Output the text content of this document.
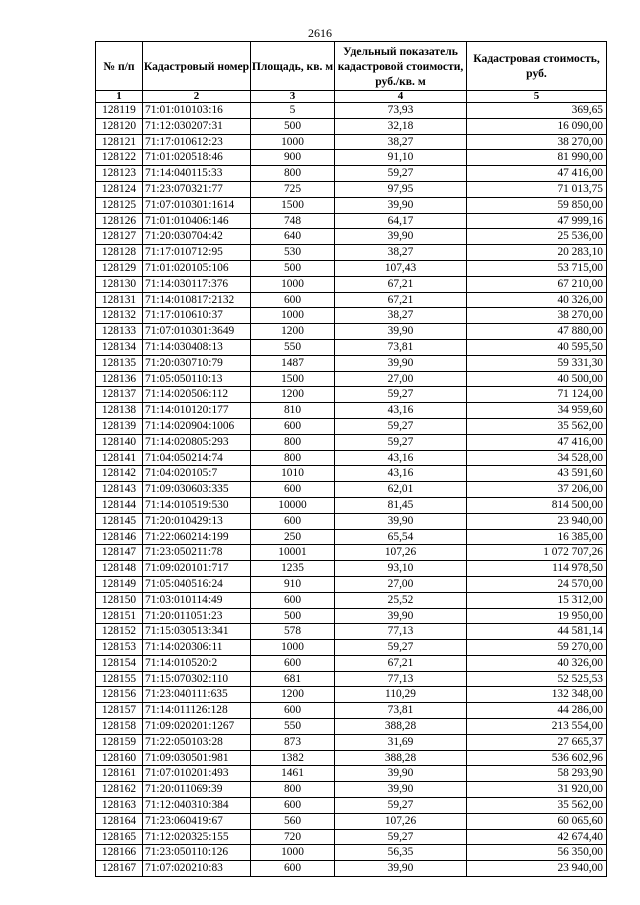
2616
№ п/п	Кадастровый номер	Площадь, кв. м	Удельный показатель кадастровой стоимости, руб./кв. м	Кадастровая стоимость, руб.
1	2	3	4	5
128119	71:01:010103:16	5	73,93	369,65
128120	71:12:030207:31	500	32,18	16 090,00
128121	71:17:010612:23	1000	38,27	38 270,00
128122	71:01:020518:46	900	91,10	81 990,00
128123	71:14:040115:33	800	59,27	47 416,00
128124	71:23:070321:77	725	97,95	71 013,75
128125	71:07:010301:1614	1500	39,90	59 850,00
128126	71:01:010406:146	748	64,17	47 999,16
128127	71:20:030704:42	640	39,90	25 536,00
128128	71:17:010712:95	530	38,27	20 283,10
128129	71:01:020105:106	500	107,43	53 715,00
128130	71:14:030117:376	1000	67,21	67 210,00
128131	71:14:010817:2132	600	67,21	40 326,00
128132	71:17:010610:37	1000	38,27	38 270,00
128133	71:07:010301:3649	1200	39,90	47 880,00
128134	71:14:030408:13	550	73,81	40 595,50
128135	71:20:030710:79	1487	39,90	59 331,30
128136	71:05:050110:13	1500	27,00	40 500,00
128137	71:14:020506:112	1200	59,27	71 124,00
128138	71:14:010120:177	810	43,16	34 959,60
128139	71:14:020904:1006	600	59,27	35 562,00
128140	71:14:020805:293	800	59,27	47 416,00
128141	71:04:050214:74	800	43,16	34 528,00
128142	71:04:020105:7	1010	43,16	43 591,60
128143	71:09:030603:335	600	62,01	37 206,00
128144	71:14:010519:530	10000	81,45	814 500,00
128145	71:20:010429:13	600	39,90	23 940,00
128146	71:22:060214:199	250	65,54	16 385,00
128147	71:23:050211:78	10001	107,26	1 072 707,26
128148	71:09:020101:717	1235	93,10	114 978,50
128149	71:05:040516:24	910	27,00	24 570,00
128150	71:03:010114:49	600	25,52	15 312,00
128151	71:20:011051:23	500	39,90	19 950,00
128152	71:15:030513:341	578	77,13	44 581,14
128153	71:14:020306:11	1000	59,27	59 270,00
128154	71:14:010520:2	600	67,21	40 326,00
128155	71:15:070302:110	681	77,13	52 525,53
128156	71:23:040111:635	1200	110,29	132 348,00
128157	71:14:011126:128	600	73,81	44 286,00
128158	71:09:020201:1267	550	388,28	213 554,00
128159	71:22:050103:28	873	31,69	27 665,37
128160	71:09:030501:981	1382	388,28	536 602,96
128161	71:07:010201:493	1461	39,90	58 293,90
128162	71:20:011069:39	800	39,90	31 920,00
128163	71:12:040310:384	600	59,27	35 562,00
128164	71:23:060419:67	560	107,26	60 065,60
128165	71:12:020325:155	720	59,27	42 674,40
128166	71:23:050110:126	1000	56,35	56 350,00
128167	71:07:020210:83	600	39,90	23 940,00
